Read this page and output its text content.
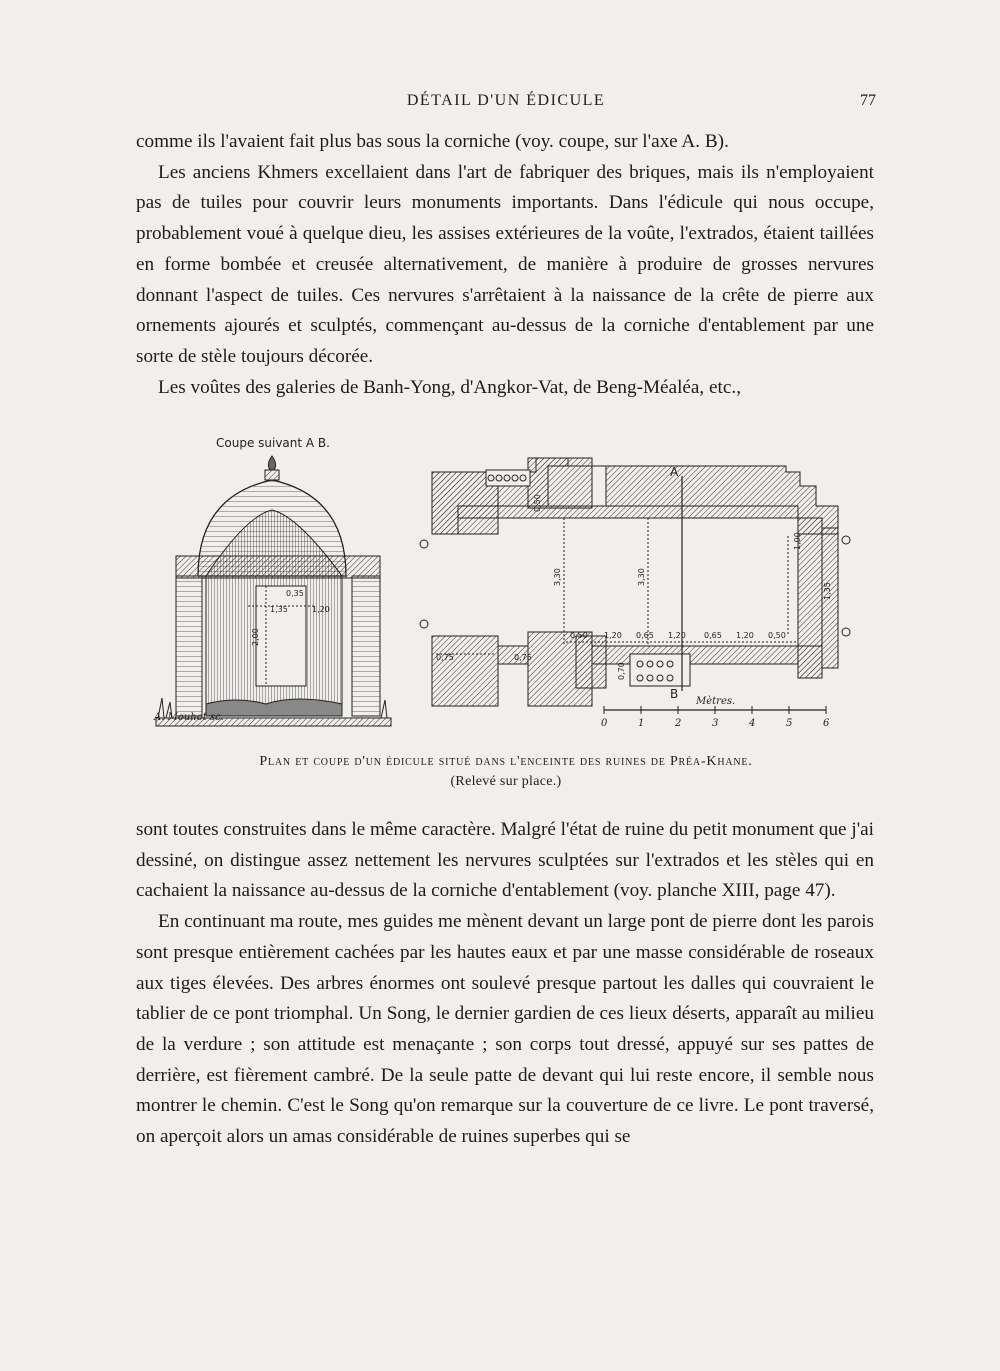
DÉTAIL D'UN ÉDICULE	77

comme ils l'avaient fait plus bas sous la corniche (voy. coupe, sur l'axe A. B).

Les anciens Khmers excellaient dans l'art de fabriquer des briques, mais ils n'employaient pas de tuiles pour couvrir leurs monuments importants. Dans l'édicule qui nous occupe, probablement voué à quelque dieu, les assises extérieures de la voûte, l'extrados, étaient taillées en forme bombée et creusée alternativement, de manière à produire de grosses nervures donnant l'aspect de tuiles. Ces nervures s'arrêtaient à la naissance de la crête de pierre aux ornements ajourés et sculptés, commençant au-dessus de la corniche d'entablement par une sorte de stèle toujours décorée.

Les voûtes des galeries de Banh-Yong, d'Angkor-Vat, de Beng-Méaléa, etc.,

Coupe suivant A B.
0,35
1,35
2,00
1,20
A. Mouhot sc.
A
B
0,50
3,30	3,30
1,00
1,35
0,70
0,50 1,20 0,65 1,20 0,65 1,20 0,50
0,75	0,75
Mètres.
0	1	2	3	4	5	6
Plan et coupe d'un édicule situé dans l'enceinte des ruines de Préa-Khane.
(Relevé sur place.)

sont toutes construites dans le même caractère. Malgré l'état de ruine du petit monument que j'ai dessiné, on distingue assez nettement les nervures sculptées sur l'extrados et les stèles qui en cachaient la naissance au-dessus de la corniche d'entablement (voy. planche XIII, page 47).

En continuant ma route, mes guides me mènent devant un large pont de pierre dont les parois sont presque entièrement cachées par les hautes eaux et par une masse considérable de roseaux aux tiges élevées. Des arbres énormes ont soulevé presque partout les dalles qui couvraient le tablier de ce pont triomphal. Un Song, le dernier gardien de ces lieux déserts, apparaît au milieu de la verdure ; son attitude est menaçante ; son corps tout dressé, appuyé sur ses pattes de derrière, est fièrement cambré. De la seule patte de devant qui lui reste encore, il semble nous montrer le chemin. C'est le Song qu'on remarque sur la couverture de ce livre. Le pont traversé, on aperçoit alors un amas considérable de ruines superbes qui se
